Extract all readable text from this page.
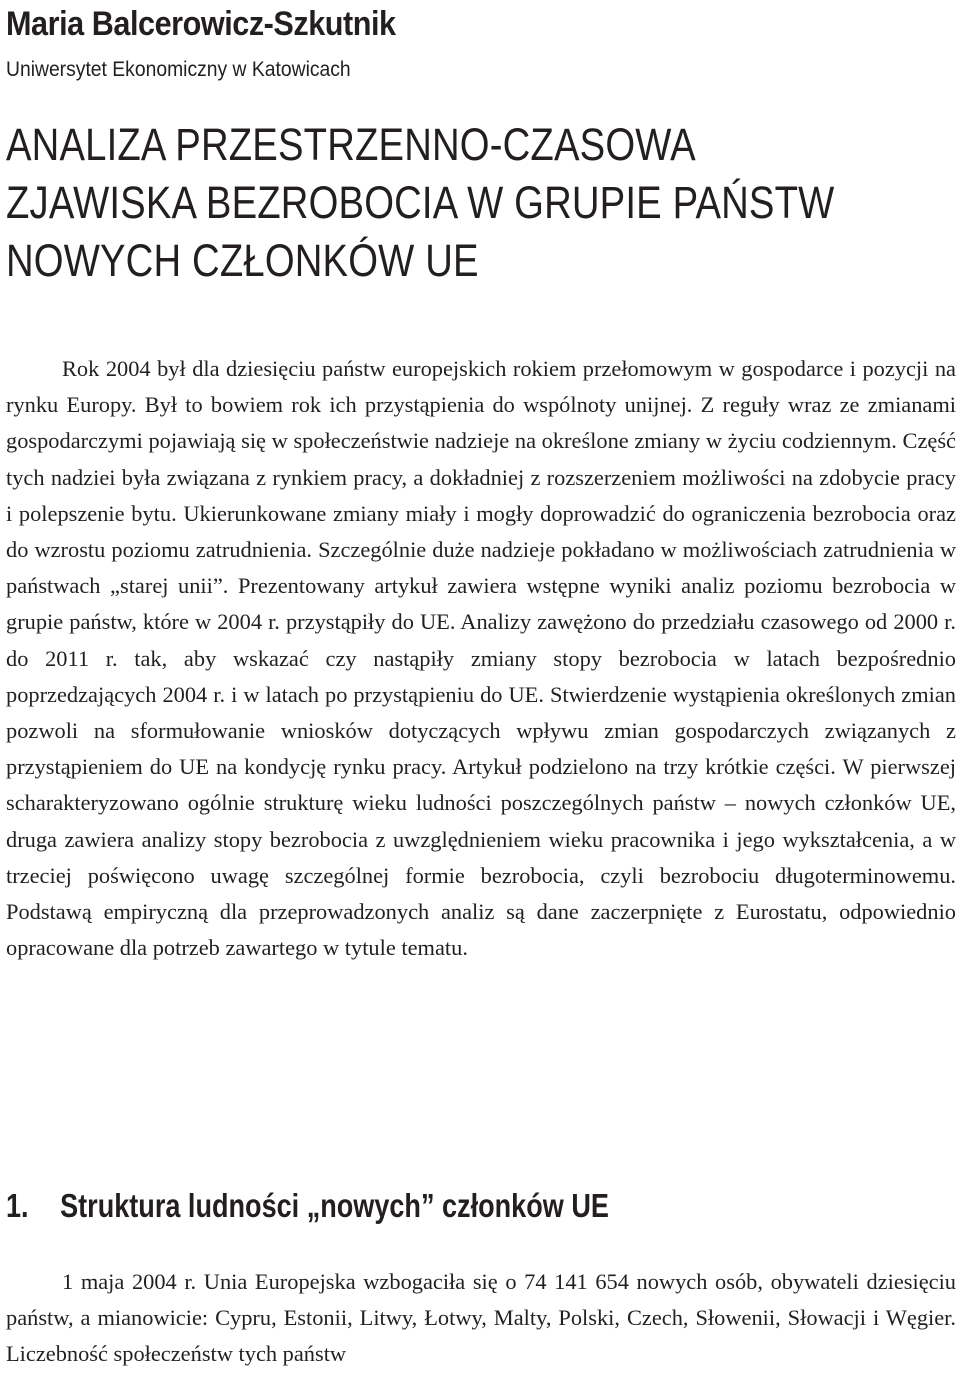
Maria Balcerowicz-Szkutnik
Uniwersytet Ekonomiczny w Katowicach
ANALIZA PRZESTRZENNO-CZASOWA
ZJAWISKA BEZROBOCIA W GRUPIE PAŃSTW
NOWYCH CZŁONKÓW UE

Rok 2004 był dla dziesięciu państw europejskich rokiem przełomowym w gospodarce i pozycji na rynku Europy. Był to bowiem rok ich przystąpienia do wspólnoty unijnej. Z reguły wraz ze zmianami gospodarczymi pojawiają się w społeczeństwie nadzieje na określone zmiany w życiu codziennym. Część tych nadziei była związana z rynkiem pracy, a dokładniej z rozszerzeniem możliwości na zdobycie pracy i polepszenie bytu. Ukierunkowane zmiany miały i mogły doprowadzić do ograniczenia bezrobocia oraz do wzrostu poziomu zatrudnienia. Szczególnie duże nadzieje pokładano w możliwościach zatrudnienia w państwach „starej unii”. Prezentowany artykuł zawiera wstępne wyniki analiz poziomu bezrobocia w grupie państw, które w 2004 r. przystąpiły do UE. Analizy zawężono do przedziału czasowego od 2000 r. do 2011 r. tak, aby wskazać czy nastąpiły zmiany stopy bezrobocia w latach bezpośrednio poprzedzających 2004 r. i w latach po przystąpieniu do UE. Stwierdzenie wystąpienia określonych zmian pozwoli na sformułowanie wniosków dotyczących wpływu zmian gospodarczych związanych z przystąpieniem do UE na kondycję rynku pracy. Artykuł podzielono na trzy krótkie części. W pierwszej scharakteryzowano ogólnie strukturę wieku ludności poszczególnych państw – nowych członków UE, druga zawiera analizy stopy bezrobocia z uwzględnieniem wieku pracownika i jego wykształcenia, a w trzeciej poświęcono uwagę szczególnej formie bezrobocia, czyli bezrobociu długoterminowemu. Podstawą empiryczną dla przeprowadzonych analiz są dane zaczerpnięte z Eurostatu, odpowiednio opracowane dla potrzeb zawartego w tytule tematu.

1. Struktura ludności „nowych” członków UE

1 maja 2004 r. Unia Europejska wzbogaciła się o 74 141 654 nowych osób, obywateli dziesięciu państw, a mianowicie: Cypru, Estonii, Litwy, Łotwy, Malty, Polski, Czech, Słowenii, Słowacji i Węgier. Liczebność społeczeństw tych państw
